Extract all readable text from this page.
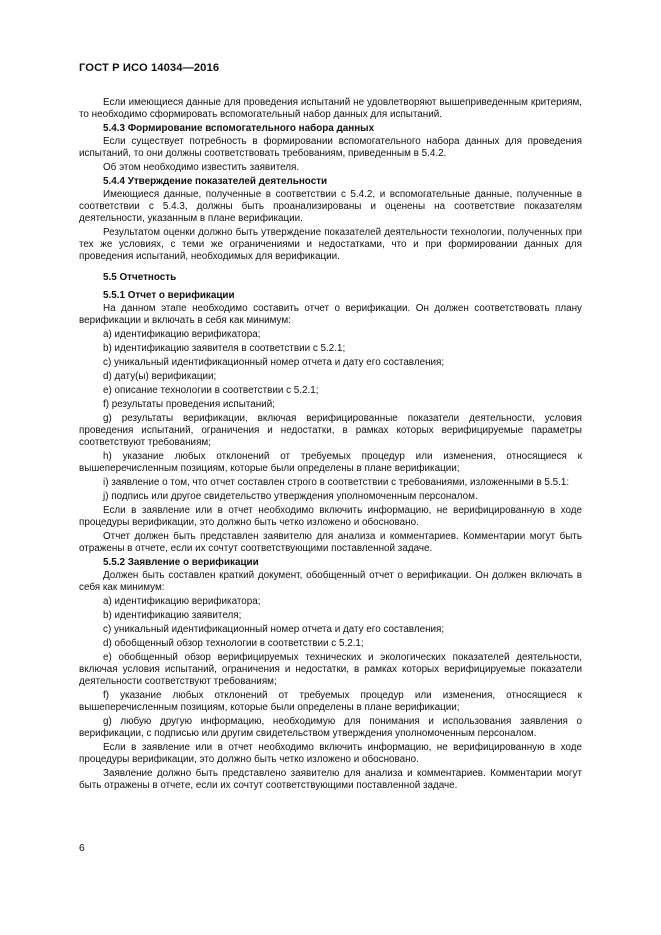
ГОСТ Р ИСО 14034—2016

Если имеющиеся данные для проведения испытаний не удовлетворяют вышеприведенным критериям, то необходимо сформировать вспомогательный набор данных для испытаний.

5.4.3 Формирование вспомогательного набора данных

Если существует потребность в формировании вспомогательного набора данных для проведения испытаний, то они должны соответствовать требованиям, приведенным в 5.4.2.

Об этом необходимо известить заявителя.

5.4.4 Утверждение показателей деятельности

Имеющиеся данные, полученные в соответствии с 5.4.2, и вспомогательные данные, полученные в соответствии с 5.4.3, должны быть проанализированы и оценены на соответствие показателям деятельности, указанным в плане верификации.

Результатом оценки должно быть утверждение показателей деятельности технологии, полученных при тех же условиях, с теми же ограничениями и недостатками, что и при формировании данных для проведения испытаний, необходимых для верификации.

5.5 Отчетность

5.5.1 Отчет о верификации

На данном этапе необходимо составить отчет о верификации. Он должен соответствовать плану верификации и включать в себя как минимум:

a) идентификацию верификатора;

b) идентификацию заявителя в соответствии с 5.2.1;

c) уникальный идентификационный номер отчета и дату его составления;

d) дату(ы) верификации;

e) описание технологии в соответствии с 5.2.1;

f) результаты проведения испытаний;

g) результаты верификации, включая верифицированные показатели деятельности, условия проведения испытаний, ограничения и недостатки, в рамках которых верифицируемые параметры соответствуют требованиям;

h) указание любых отклонений от требуемых процедур или изменения, относящиеся к вышеперечисленным позициям, которые были определены в плане верификации;

i) заявление о том, что отчет составлен строго в соответствии с требованиями, изложенными в 5.5.1:

j) подпись или другое свидетельство утверждения уполномоченным персоналом.

Если в заявление или в отчет необходимо включить информацию, не верифицированную в ходе процедуры верификации, это должно быть четко изложено и обосновано.

Отчет должен быть представлен заявителю для анализа и комментариев. Комментарии могут быть отражены в отчете, если их сочтут соответствующими поставленной задаче.

5.5.2 Заявление о верификации

Должен быть составлен краткий документ, обобщенный отчет о верификации. Он должен включать в себя как минимум:

a) идентификацию верификатора;

b) идентификацию заявителя;

c) уникальный идентификационный номер отчета и дату его составления;

d) обобщенный обзор технологии в соответствии с 5.2.1;

e) обобщенный обзор верифицируемых технических и экологических показателей деятельности, включая условия испытаний, ограничения и недостатки, в рамках которых верифицируемые показатели деятельности соответствуют требованиям;

f) указание любых отклонений от требуемых процедур или изменения, относящиеся к вышеперечисленным позициям, которые были определены в плане верификации;

g) любую другую информацию, необходимую для понимания и использования заявления о верификации, с подписью или другим свидетельством утверждения уполномоченным персоналом.

Если в заявление или в отчет необходимо включить информацию, не верифицированную в ходе процедуры верификации, это должно быть четко изложено и обосновано.

Заявление должно быть представлено заявителю для анализа и комментариев. Комментарии могут быть отражены в отчете, если их сочтут соответствующими поставленной задаче.

6
